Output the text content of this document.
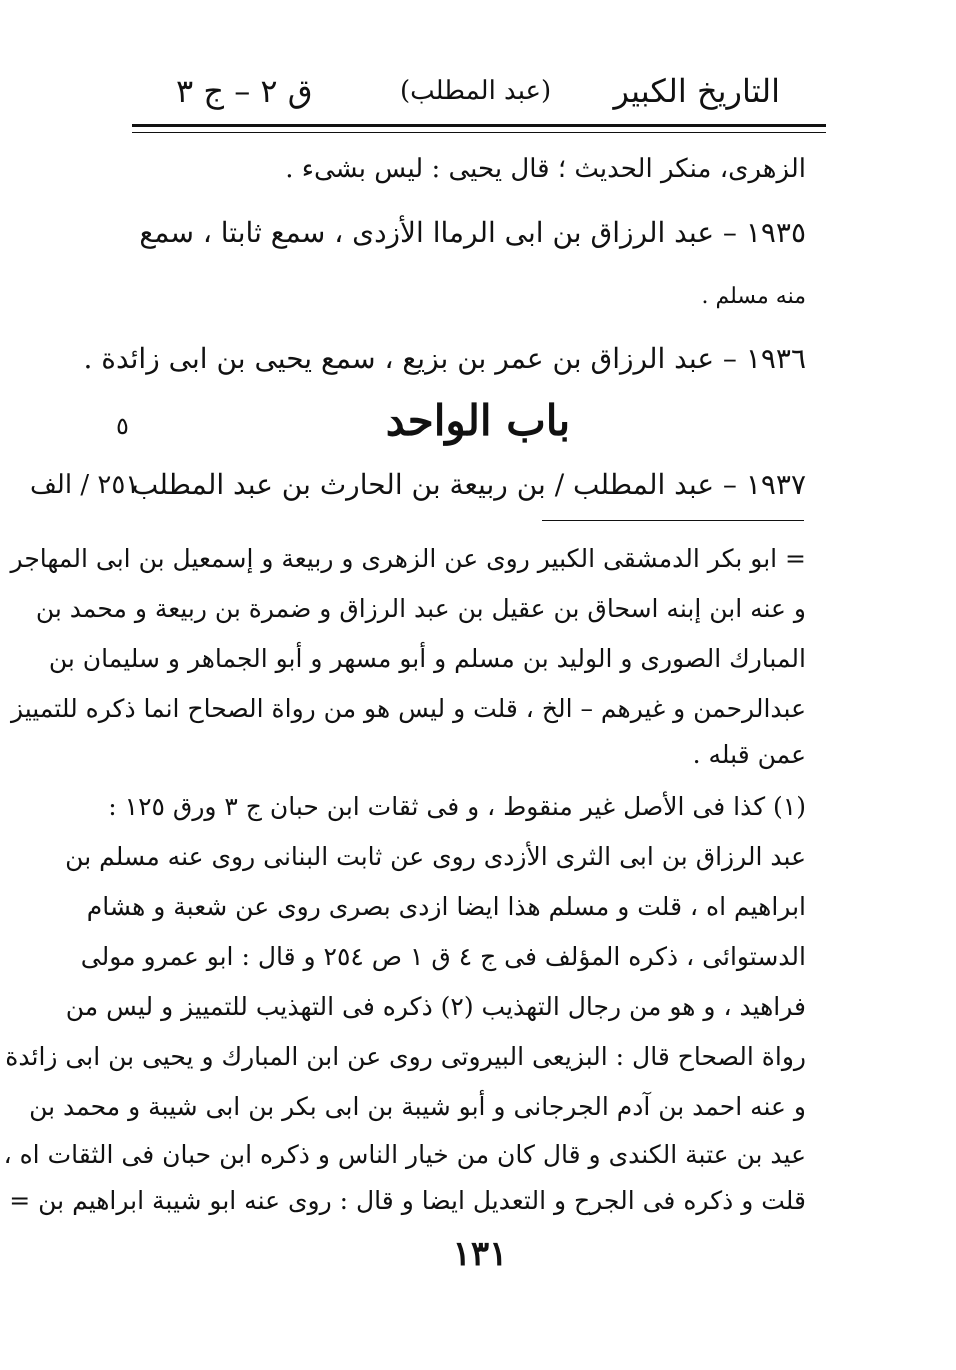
التاريخ الكبير
(عبد المطلب)
ق ٢ – ج ٣
الزهرى، منكر الحديث ؛ قال يحيى : ليس بشىء .
١٩٣٥ – عبد الرزاق بن ابى الرماا الأزدى ، سمع ثابتا ، سمع
منه مسلم .
١٩٣٦ – عبد الرزاق بن عمر بن بزيع ، سمع يحيى بن ابى زائدة .
٥	باب الواحد
١٩٣٧ – عبد المطلب / بن ربيعة بن الحارث بن عبد المطلب
٢٥١ / الف
= ابو بكر الدمشقى الكبير روى عن الزهرى و ربيعة و إسمعيل بن ابى المهاجر
و عنه ابن إبنه اسحاق بن عقيل بن عبد الرزاق و ضمرة بن ربيعة و محمد بن
المبارك الصورى و الوليد بن مسلم و أبو مسهر و أبو الجماهر و سليمان بن
عبدالرحمن و غيرهم – الخ ، قلت و ليس هو من رواة الصحاح انما ذكره للتمييز
عمن قبله .
(١) كذا فى الأصل غير منقوط ، و فى ثقات ابن حبان ج ٣ ورق ١٢٥ :
عبد الرزاق بن ابى الثرى الأزدى روى عن ثابت البنانى روى عنه مسلم بن
ابراهيم اه ، قلت و مسلم هذا ايضا ازدى بصرى روى عن شعبة و هشام
الدستوائى ، ذكره المؤلف فى ج ٤ ق ١ ص ٢٥٤ و قال : ابو عمرو مولى
فراهيد ، و هو من رجال التهذيب (٢) ذكره فى التهذيب للتمييز و ليس من
رواة الصحاح قال : البزيعى البيروتى روى عن ابن المبارك و يحيى بن ابى زائدة
و عنه احمد بن آدم الجرجانى و أبو شيبة بن ابى بكر بن ابى شيبة و محمد بن
عيد بن عتبة الكندى و قال كان من خيار الناس و ذكره ابن حبان فى الثقات اه ،
قلت و ذكره فى الجرح و التعديل ايضا و قال : روى عنه ابو شيبة ابراهيم بن =
١٣١
